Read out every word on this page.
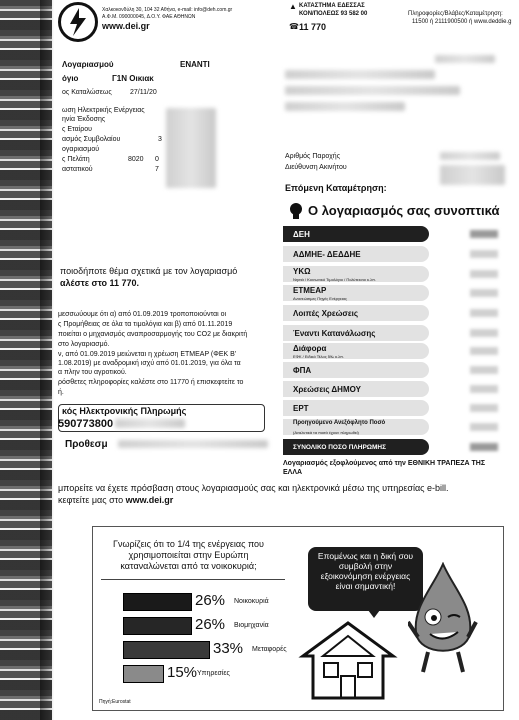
Χαλκοκονδύλη 30, 104 32 Αθήνα, e-mail: info@deh.com.gr
Α.Φ.Μ. 090000045, Δ.Ο.Υ. ΦΑΕ ΑΘΗΝΩΝ
www.dei.gr
▲ ΚΑΤΑΣΤΗΜΑ ΕΔΕΣΣΑΣ
ΚΟΝ/ΠΟΛΕΩΣ 93 582 00
☎ 11 770
Πληροφορίες/Βλάβες/Καταμέτρηση:
11500 ή 2111900500 ή www.deddie.g
Λογαριασμού	ΕΝΑΝΤΙ
όγιο	Γ1Ν Οικιακ
ος Καταλώσεως	27/11/20
ωση Ηλεκτρικής Ενέργειας
ηνία Έκδοσης
ς Εταίρου
ασμός Συμβολαίου	3
ογαριασμού
ς Πελάτη	8020 0
αστατικού	7
Αριθμός Παροχής
Διεύθυνση Ακινήτου
Επόμενη Καταμέτρηση:
Ο λογαριασμός σας συνοπτικά
ΔΕΗ
ΑΔΜΗΕ- ΔΕΔΔΗΕ
ΥΚΩ
Νησιά / Κοινωνικό Τιμολόγιο / Πολύτεκνοι κ.λπ.
ΕΤΜΕΑΡ
Ανανεώσιμες Πηγές Ενέργειας
Λοιπές Χρεώσεις
Έναντι Κατανάλωσης
Διάφορα
ΕΦΚ / Ειδικό Τέλος 5‰ κ.λπ.
ΦΠΑ
Χρεώσεις ΔΗΜΟΥ
ΕΡΤ
Προηγούμενο Ανεξόφλητο Ποσό
(Αναλυτικά τα ποσά έχουν πληρωθεί)
ΣΥΝΟΛΙΚΟ ΠΟΣΟ ΠΛΗΡΩΜΗΣ
Λογαριασμός εξοφλούμενος από την ΕΘΝΙΚΗ ΤΡΑΠΕΖΑ ΤΗΣ
ΕΛΛΑ
ποιοδήποτε θέμα σχετικά με τον λογαριασμό
αλέστε στο 11 770.
μεσσωύουμε ότι α) από 01.09.2019 τροποποιούνται οι
ς Προμήθειας σε όλα τα τιμολόγια και β) από 01.11.2019
ποιείται ο μηχανισμός αναπροσαρμογής του CO2 με διακριτή
στο λογαριασμό.
ν, από 01.09.2019 μειώνεται η χρέωση ΕΤΜΕΑΡ (ΦΕΚ Β'
1.08.2019) με αναδρομική ισχύ από 01.01.2019, για όλα τα
α πλην του αγροτικού.
ρόσθετες πληροφορίες καλέστε στο 11770 ή επισκεφτείτε το
ή.
κός Ηλεκτρονικής Πληρωμής
590773800
Προθεσμ
μπορείτε να έχετε πρόσβαση στους λογαριασμούς σας και ηλεκτρονικά μέσω της υπηρεσίας e-bill.
κεφτείτε μας στο www.dei.gr
Γνωρίζεις ότι το 1/4 της ενέργειας που χρησιμοποιείται στην Ευρώπη καταναλώνεται από τα νοικοκυριά;
Πηγή:Eurostat
Επομένως και η δική σου συμβολή στην εξοικονόμηση ενέργειας είναι σημαντική!
26% Νοικοκυριά
26% Βιομηχανία
33% Μεταφορές
15% Υπηρεσίες
